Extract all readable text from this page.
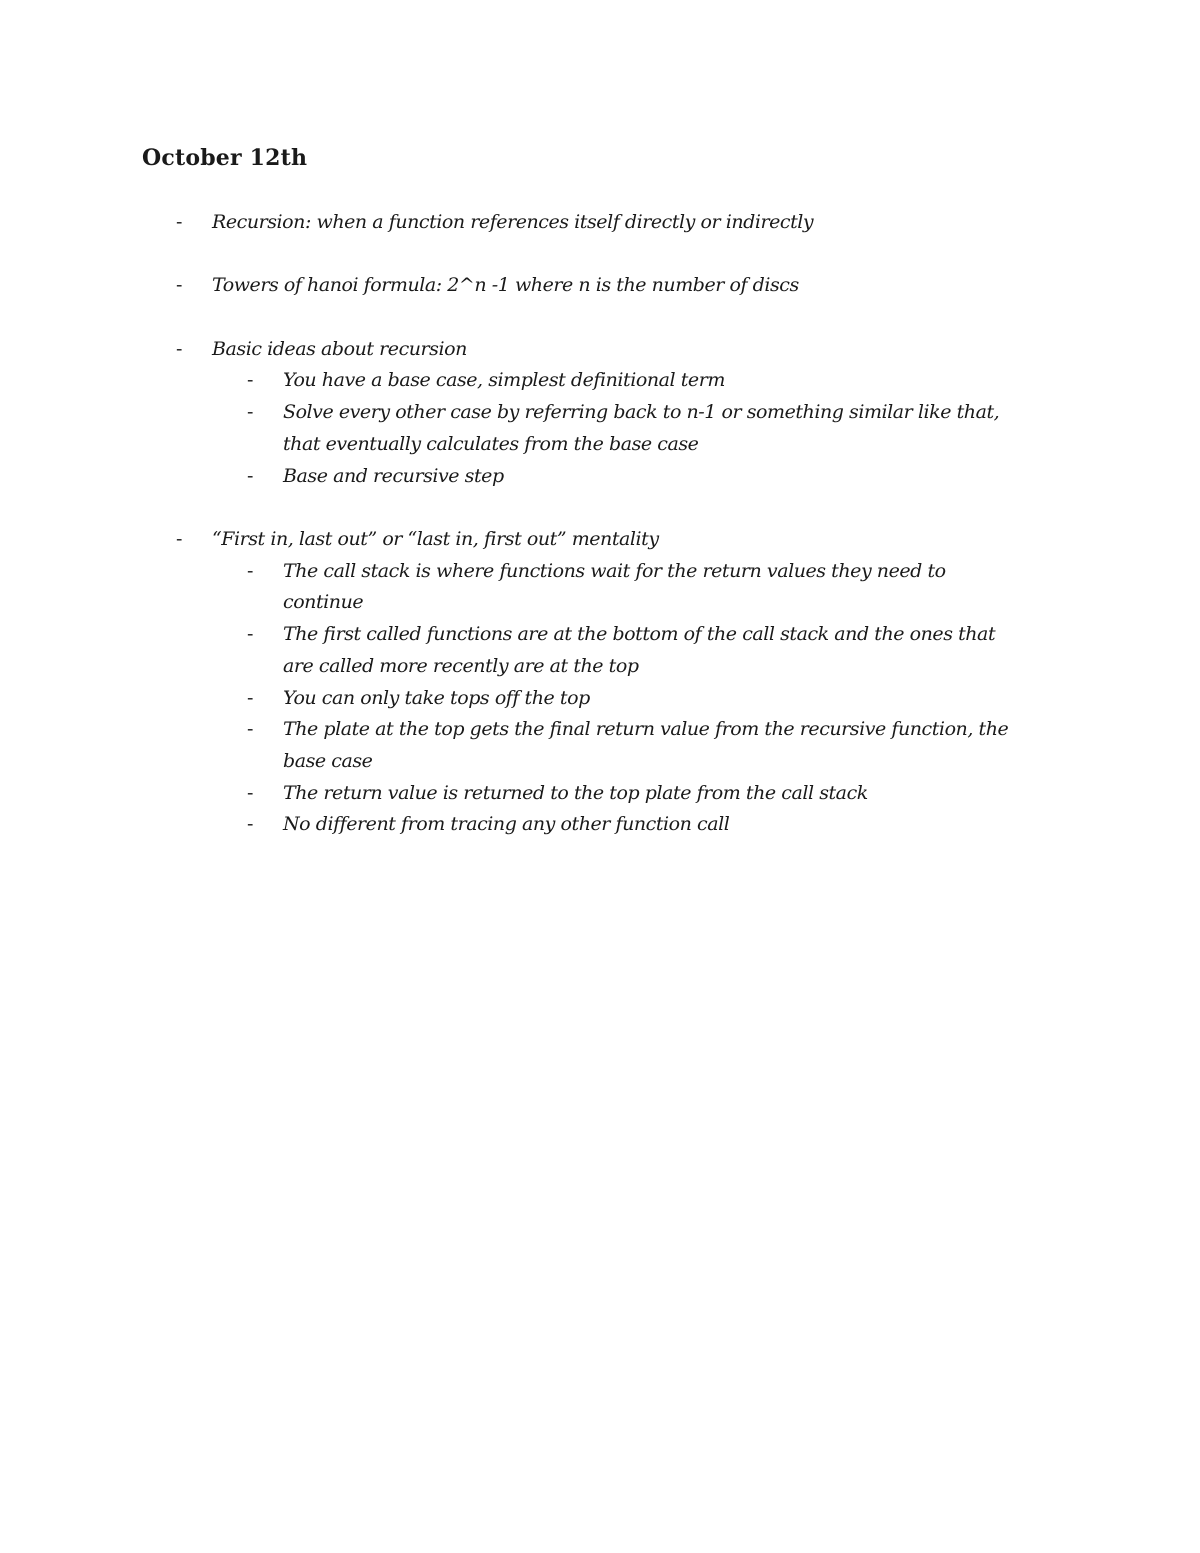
October 12th
- Recursion: when a function references itself directly or indirectly
- Towers of hanoi formula: 2^n -1 where n is the number of discs
- Basic ideas about recursion
- You have a base case, simplest definitional term
- Solve every other case by referring back to n-1 or something similar like that,
that eventually calculates from the base case
- Base and recursive step
- “First in, last out” or “last in, first out” mentality
- The call stack is where functions wait for the return values they need to
continue
- The first called functions are at the bottom of the call stack and the ones that
are called more recently are at the top
- You can only take tops off the top
- The plate at the top gets the final return value from the recursive function, the
base case
- The return value is returned to the top plate from the call stack
- No different from tracing any other function call
